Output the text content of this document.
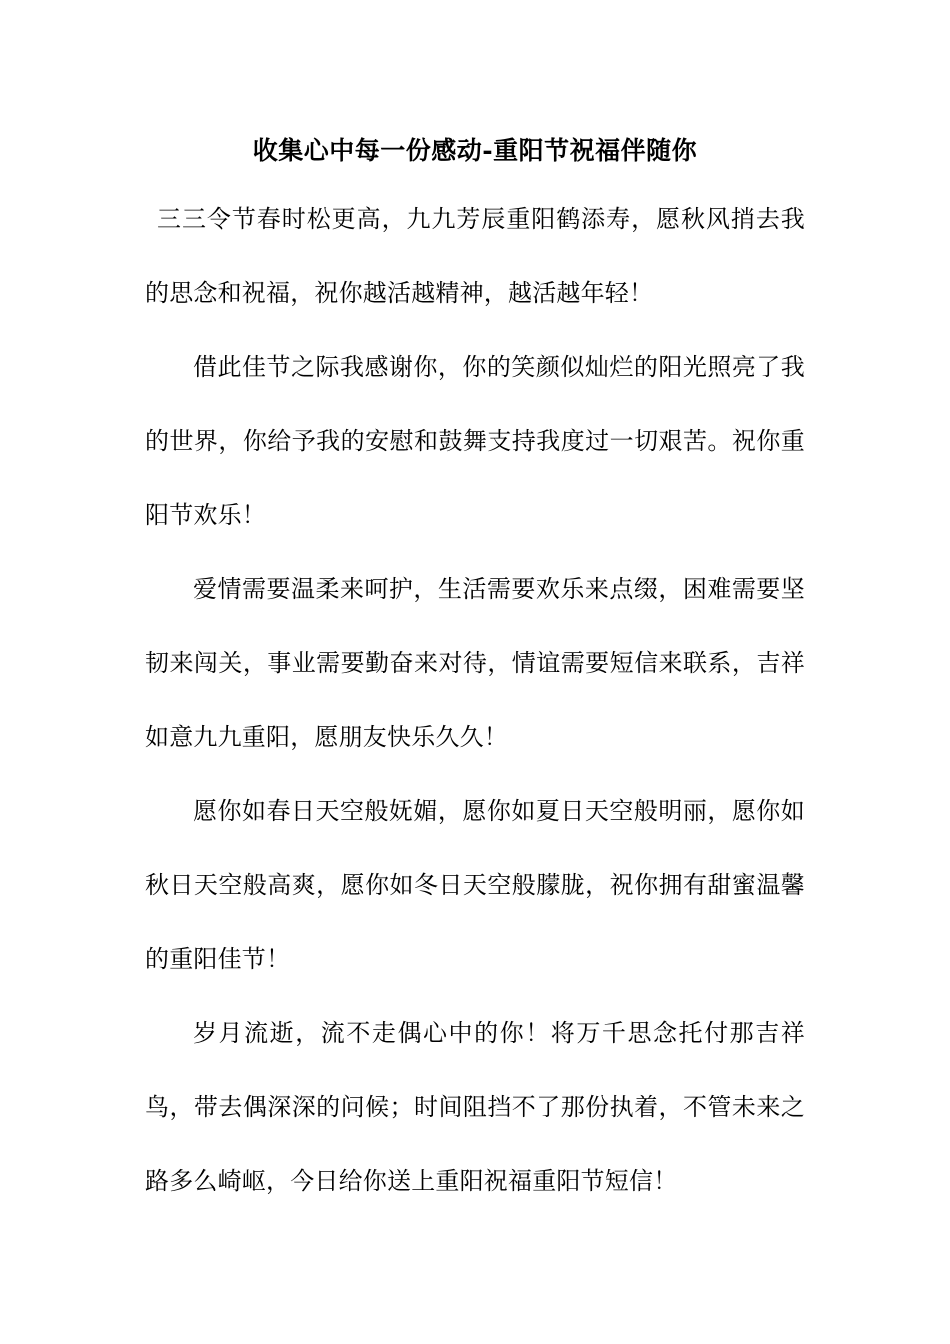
收集心中每一份感动-重阳节祝福伴随你

三三令节春时松更高，九九芳辰重阳鹤添寿，愿秋风捎去我的思念和祝福，祝你越活越精神，越活越年轻！

借此佳节之际我感谢你，你的笑颜似灿烂的阳光照亮了我的世界，你给予我的安慰和鼓舞支持我度过一切艰苦。祝你重阳节欢乐！

爱情需要温柔来呵护，生活需要欢乐来点缀，困难需要坚韧来闯关，事业需要勤奋来对待，情谊需要短信来联系，吉祥如意九九重阳，愿朋友快乐久久！

愿你如春日天空般妩媚，愿你如夏日天空般明丽，愿你如秋日天空般高爽，愿你如冬日天空般朦胧，祝你拥有甜蜜温馨的重阳佳节！

岁月流逝，流不走偶心中的你！将万千思念托付那吉祥鸟，带去偶深深的问候；时间阻挡不了那份执着，不管未来之路多么崎岖，今日给你送上重阳祝福重阳节短信！
